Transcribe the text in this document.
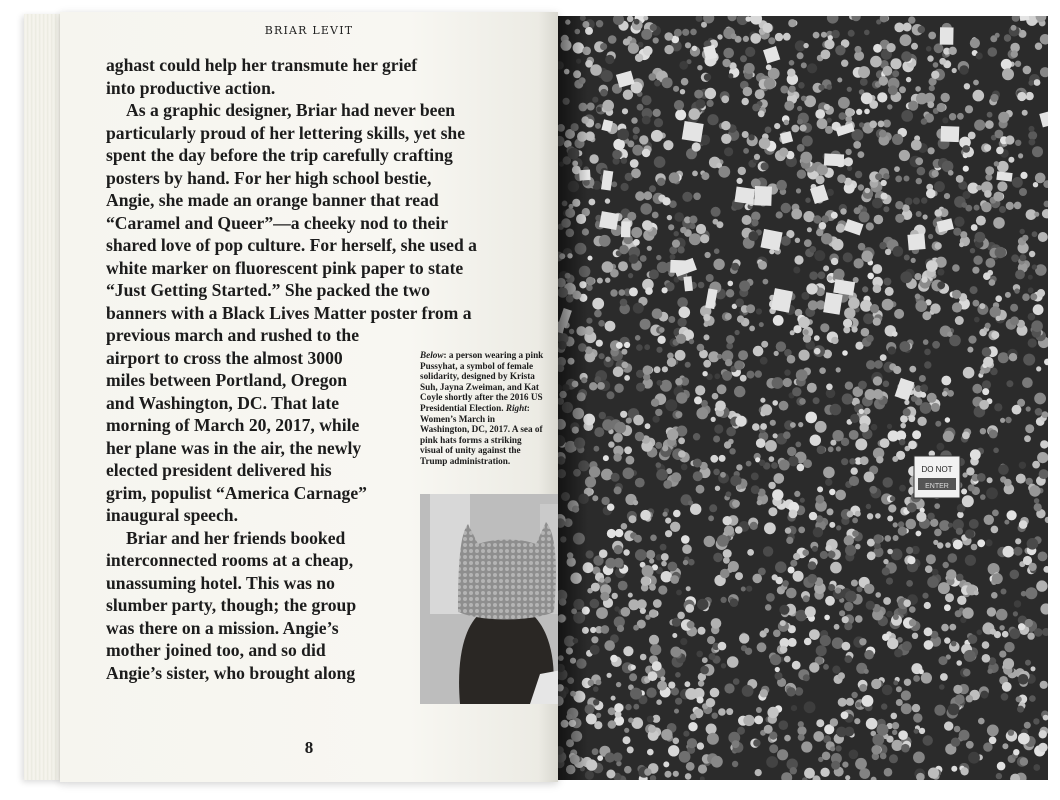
BRIAR LEVIT

aghast could help her transmute her grief into productive action.

As a graphic designer, Briar had never been particularly proud of her lettering skills, yet she spent the day before the trip carefully crafting posters by hand. For her high school bestie, Angie, she made an orange banner that read “Caramel and Queer”—a cheeky nod to their shared love of pop culture. For herself, she used a white marker on fluorescent pink paper to state “Just Getting Started.” She packed the two banners with a Black Lives Matter poster from a

previous march and rushed to the airport to cross the almost 3000 miles between Portland, Oregon and Washington, DC. That late morning of March 20, 2017, while her plane was in the air, the newly elected president delivered his grim, populist “America Carnage” inaugural speech.

Briar and her friends booked interconnected rooms at a cheap, unassuming hotel. This was no slumber party, though; the group was there on a mission. Angie’s mother joined too, and so did Angie’s sister, who brought along

Below: a person wearing a pink Pussyhat, a symbol of female solidarity, designed by Krista Suh, Jayna Zweiman, and Kat Coyle shortly after the 2016 US Presidential Election. Right: Women’s March in Washington, DC, 2017. A sea of pink hats forms a striking visual of unity against the Trump administration.
8
DO NOT
ENTER
